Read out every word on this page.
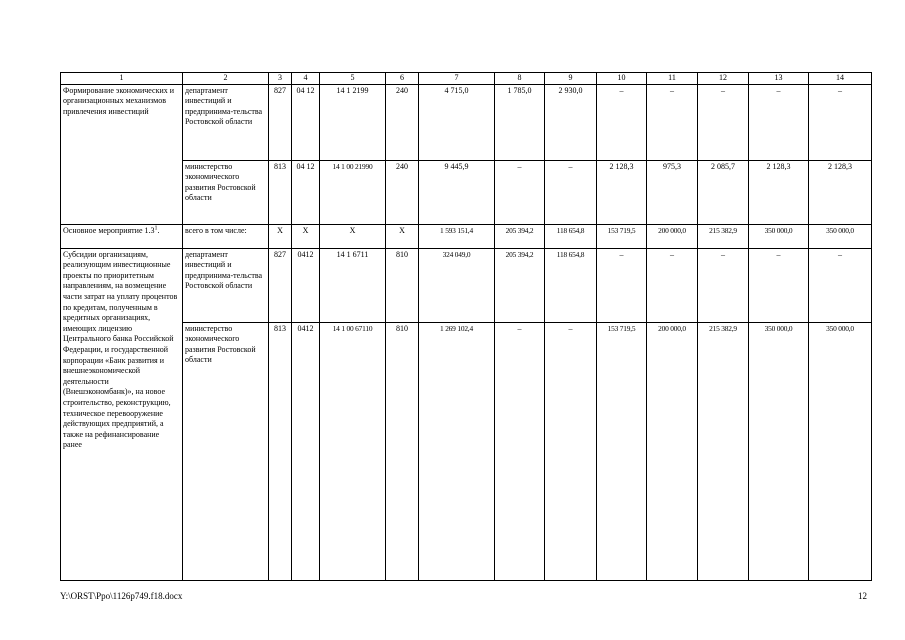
1	2	3	4	5	6	7	8	9	10	11	12	13	14
Формирование экономических и организационных механизмов привлечения инвестиций	департамент инвестиций и предпринима-тельства Ростовской области	827	04 12	14 1 2199	240	4 715,0	1 785,0	2 930,0	–	–	–	–	–
	министерство экономического развития Ростовской области	813	04 12	14 1 00 21990	240	9 445,9	–	–	2 128,3	975,3	2 085,7	2 128,3	2 128,3
Основное мероприятие $1.3^1$.	всего в том числе:	Х	Х	Х	Х	1 593 151,4	205 394,2	118 654,8	153 719,5	200 000,0	215 382,9	350 000,0	350 000,0
Субсидии организациям, реализующим инвестиционные проекты по приоритетным направлениям, на возмещение части затрат на уплату процентов по кредитам, полученным в кредитных организациях, имеющих лицензию Центрального банка Российской Федерации, и государственной корпорации «Банк развития и внешнеэкономической деятельности (Внешэкономбанк)», на новое строительство, реконструкцию, техническое перевооружение действующих предприятий, а также на рефинансирование ранее	департамент инвестиций и предпринима-тельства Ростовской области	827	0412	14 1 6711	810	324 049,0	205 394,2	118 654,8	–	–	–	–	–
	министерство экономического развития Ростовской области	813	0412	14 1 00 67110	810	1 269 102,4	–	–	153 719,5	200 000,0	215 382,9	350 000,0	350 000,0
Y:\ORST\Ppo\1126p749.f18.docx	12
